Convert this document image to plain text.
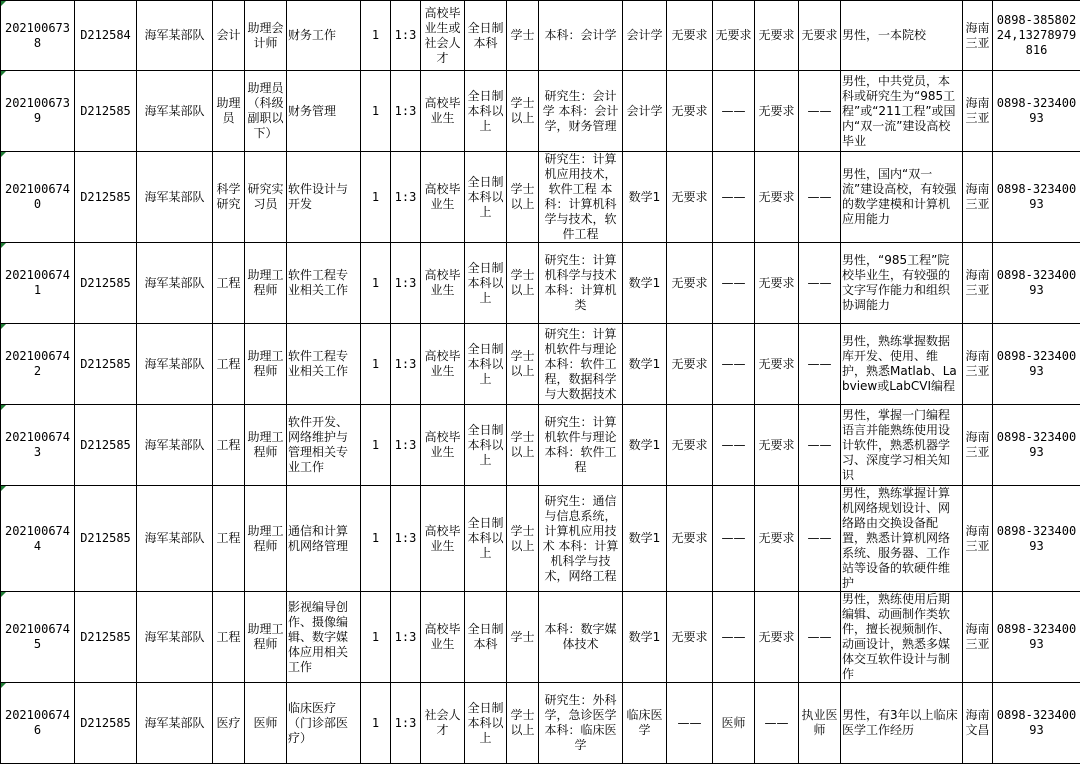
2021006738	D212584	海军某部队	会计	助理会计师	财务工作	1	1:3	高校毕业生或社会人才	全日制本科	学士	本科：会计学	会计学	无要求	无要求	无要求	无要求	男性，一本院校	海南三亚	0898-38580224,13278979816
2021006739	D212585	海军某部队	助理员	助理员（科级副职以下）	财务管理	1	1:3	高校毕业生	全日制本科以上	学士以上	研究生：会计学 本科：会计学，财务管理	会计学	无要求	——	无要求	——	男性，中共党员，本科或研究生为“985工程”或“211工程”或国内“双一流”建设高校毕业	海南三亚	0898-32340093
2021006740	D212585	海军某部队	科学研究	研究实习员	软件设计与开发	1	1:3	高校毕业生	全日制本科以上	学士以上	研究生：计算机应用技术，软件工程 本科：计算机科学与技术，软件工程	数学1	无要求	——	无要求	——	男性，国内“双一流”建设高校，有较强的数学建模和计算机应用能力	海南三亚	0898-32340093
2021006741	D212585	海军某部队	工程	助理工程师	软件工程专业相关工作	1	1:3	高校毕业生	全日制本科以上	学士以上	研究生：计算机科学与技术 本科：计算机类	数学1	无要求	——	无要求	——	男性，“985工程”院校毕业生，有较强的文字写作能力和组织协调能力	海南三亚	0898-32340093
2021006742	D212585	海军某部队	工程	助理工程师	软件工程专业相关工作	1	1:3	高校毕业生	全日制本科以上	学士以上	研究生：计算机软件与理论 本科：软件工程，数据科学与大数据技术	数学1	无要求	——	无要求	——	男性，熟练掌握数据库开发、使用、维护，熟悉Matlab、Labview或LabCVI编程	海南三亚	0898-32340093
2021006743	D212585	海军某部队	工程	助理工程师	软件开发、网络维护与管理相关专业工作	1	1:3	高校毕业生	全日制本科以上	学士以上	研究生：计算机软件与理论 本科：软件工程	数学1	无要求	——	无要求	——	男性，掌握一门编程语言并能熟练使用设计软件，熟悉机器学习、深度学习相关知识	海南三亚	0898-32340093
2021006744	D212585	海军某部队	工程	助理工程师	通信和计算机网络管理	1	1:3	高校毕业生	全日制本科以上	学士以上	研究生：通信与信息系统，计算机应用技术 本科：计算机科学与技术，网络工程	数学1	无要求	——	无要求	——	男性，熟练掌握计算机网络规划设计、网络路由交换设备配置，熟悉计算机网络系统、服务器、工作站等设备的软硬件维护	海南三亚	0898-32340093
2021006745	D212585	海军某部队	工程	助理工程师	影视编导创作、摄像编辑、数字媒体应用相关工作	1	1:3	高校毕业生	全日制本科	学士	本科：数字媒体技术	数学1	无要求	——	无要求	——	男性，熟练使用后期编辑、动画制作类软件，擅长视频制作、动画设计，熟悉多媒体交互软件设计与制作	海南三亚	0898-32340093
2021006746	D212585	海军某部队	医疗	医师	临床医疗（门诊部医疗）	1	1:3	社会人才	全日制本科以上	学士以上	研究生：外科学，急诊医学 本科：临床医学	临床医学	——	医师	——	执业医师	男性，有3年以上临床医学工作经历	海南文昌	0898-32340093
